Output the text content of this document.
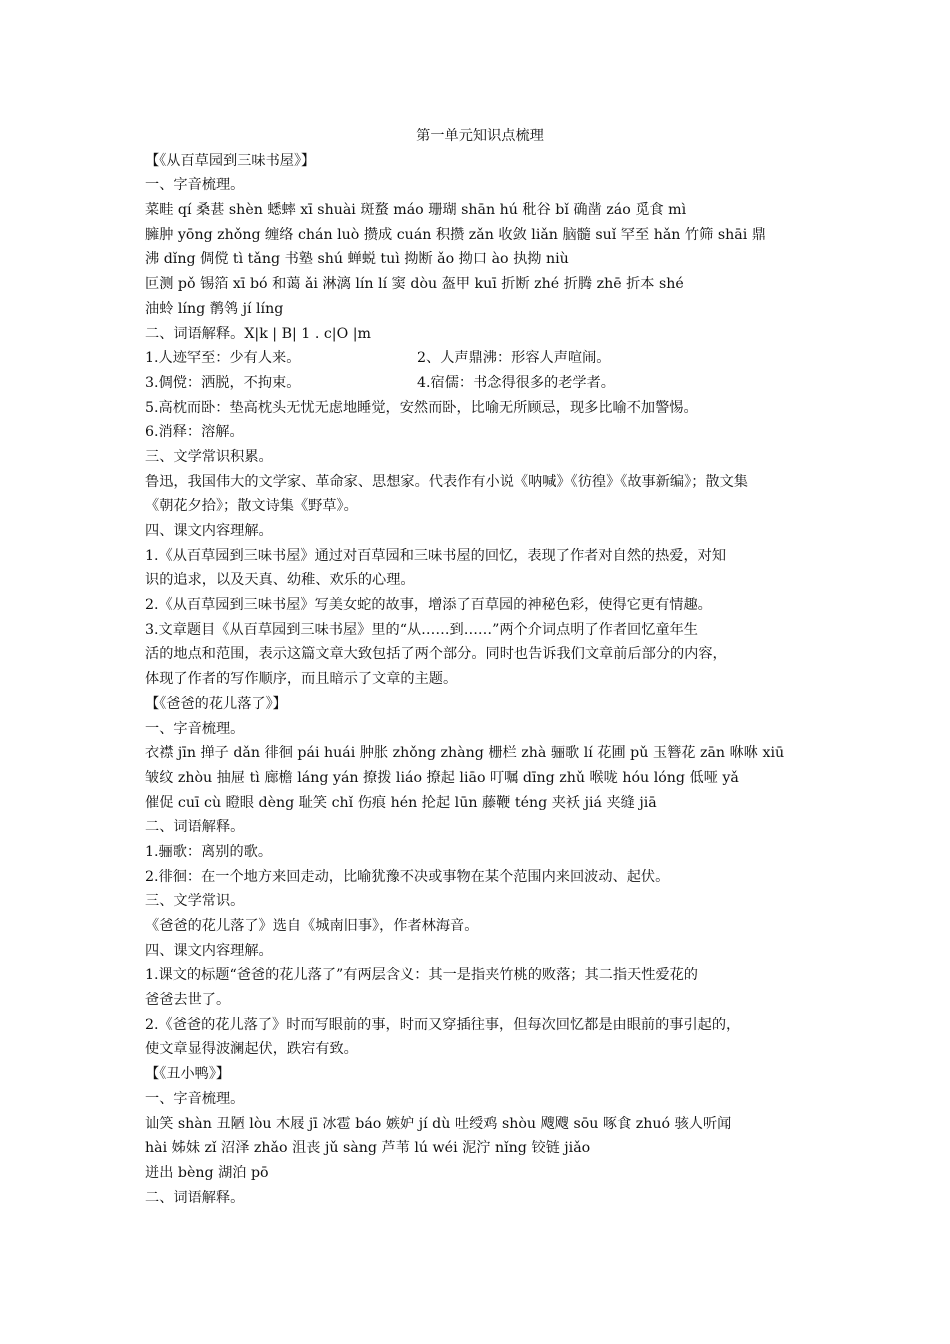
第一单元知识点梳理
【《从百草园到三味书屋》】
一、字音梳理。
菜畦 qí 桑葚 shèn 蟋蟀 xī shuài 斑蝥 máo 珊瑚 shān hú 秕谷 bǐ 确凿 záo 觅食 mì
臃肿 yōng zhǒng 缠络 chán luò 攒成 cuán 积攒 zǎn 收敛 liǎn 脑髓 suǐ 罕至 hǎn 竹筛 shāi 鼎
沸 dǐng 倜傥 tì tǎng 书塾 shú 蝉蜕 tuì 拗断 ǎo 拗口 ào 执拗 niù
叵测 pǒ 锡箔 xī bó 和蔼 ǎi 淋漓 lín lí 窦 dòu 盔甲 kuī 折断 zhé 折腾 zhē 折本 shé
油蛉 líng 鹡鸰 jí líng
二、词语解释。X|k | B| 1 . c|O |m
1.人迹罕至：少有人来。	2、人声鼎沸：形容人声喧闹。
3.倜傥：洒脱，不拘束。	4.宿儒：书念得很多的老学者。
5.高枕而卧：垫高枕头无忧无虑地睡觉，安然而卧，比喻无所顾忌，现多比喻不加警惕。
6.消释：溶解。
三、文学常识积累。
鲁迅，我国伟大的文学家、革命家、思想家。代表作有小说《呐喊》《彷徨》《故事新编》；散文集
《朝花夕拾》；散文诗集《野草》。
四、课文内容理解。
1.《从百草园到三味书屋》通过对百草园和三味书屋的回忆，表现了作者对自然的热爱，对知
识的追求，以及天真、幼稚、欢乐的心理。
2.《从百草园到三味书屋》写美女蛇的故事，增添了百草园的神秘色彩，使得它更有情趣。
3.文章题目《从百草园到三味书屋》里的“从……到……”两个介词点明了作者回忆童年生
活的地点和范围，表示这篇文章大致包括了两个部分。同时也告诉我们文章前后部分的内容，
体现了作者的写作顺序，而且暗示了文章的主题。
【《爸爸的花儿落了》】
一、字音梳理。
衣襟 jīn 掸子 dǎn 徘徊 pái huái 肿胀 zhǒng zhàng 栅栏 zhà 骊歌 lí 花圃 pǔ 玉簪花 zān 咻咻 xiū
皱纹 zhòu 抽屉 tì 廊檐 láng yán 撩拨 liáo 撩起 liāo 叮嘱 dīng zhǔ 喉咙 hóu lóng 低哑 yǎ
催促 cuī cù 瞪眼 dèng 耻笑 chǐ 伤痕 hén 抡起 lūn 藤鞭 téng 夹袄 jiá 夹缝 jiā
二、词语解释。
1.骊歌：离别的歌。
2.徘徊：在一个地方来回走动，比喻犹豫不决或事物在某个范围内来回波动、起伏。
三、文学常识。
《爸爸的花儿落了》选自《城南旧事》，作者林海音。
四、课文内容理解。
1.课文的标题“爸爸的花儿落了”有两层含义：其一是指夹竹桃的败落；其二指天性爱花的
爸爸去世了。
2.《爸爸的花儿落了》时而写眼前的事，时而又穿插往事，但每次回忆都是由眼前的事引起的，
使文章显得波澜起伏，跌宕有致。
【《丑小鸭》】
一、字音梳理。
讪笑 shàn 丑陋 lòu 木屐 jī 冰雹 báo 嫉妒 jí dù 吐绶鸡 shòu 飕飕 sōu 啄食 zhuó 骇人听闻
hài 姊妹 zǐ 沼泽 zhǎo 沮丧 jǔ sàng 芦苇 lú wéi 泥泞 nǐng 铰链 jiǎo
迸出 bèng 湖泊 pō
二、词语解释。
